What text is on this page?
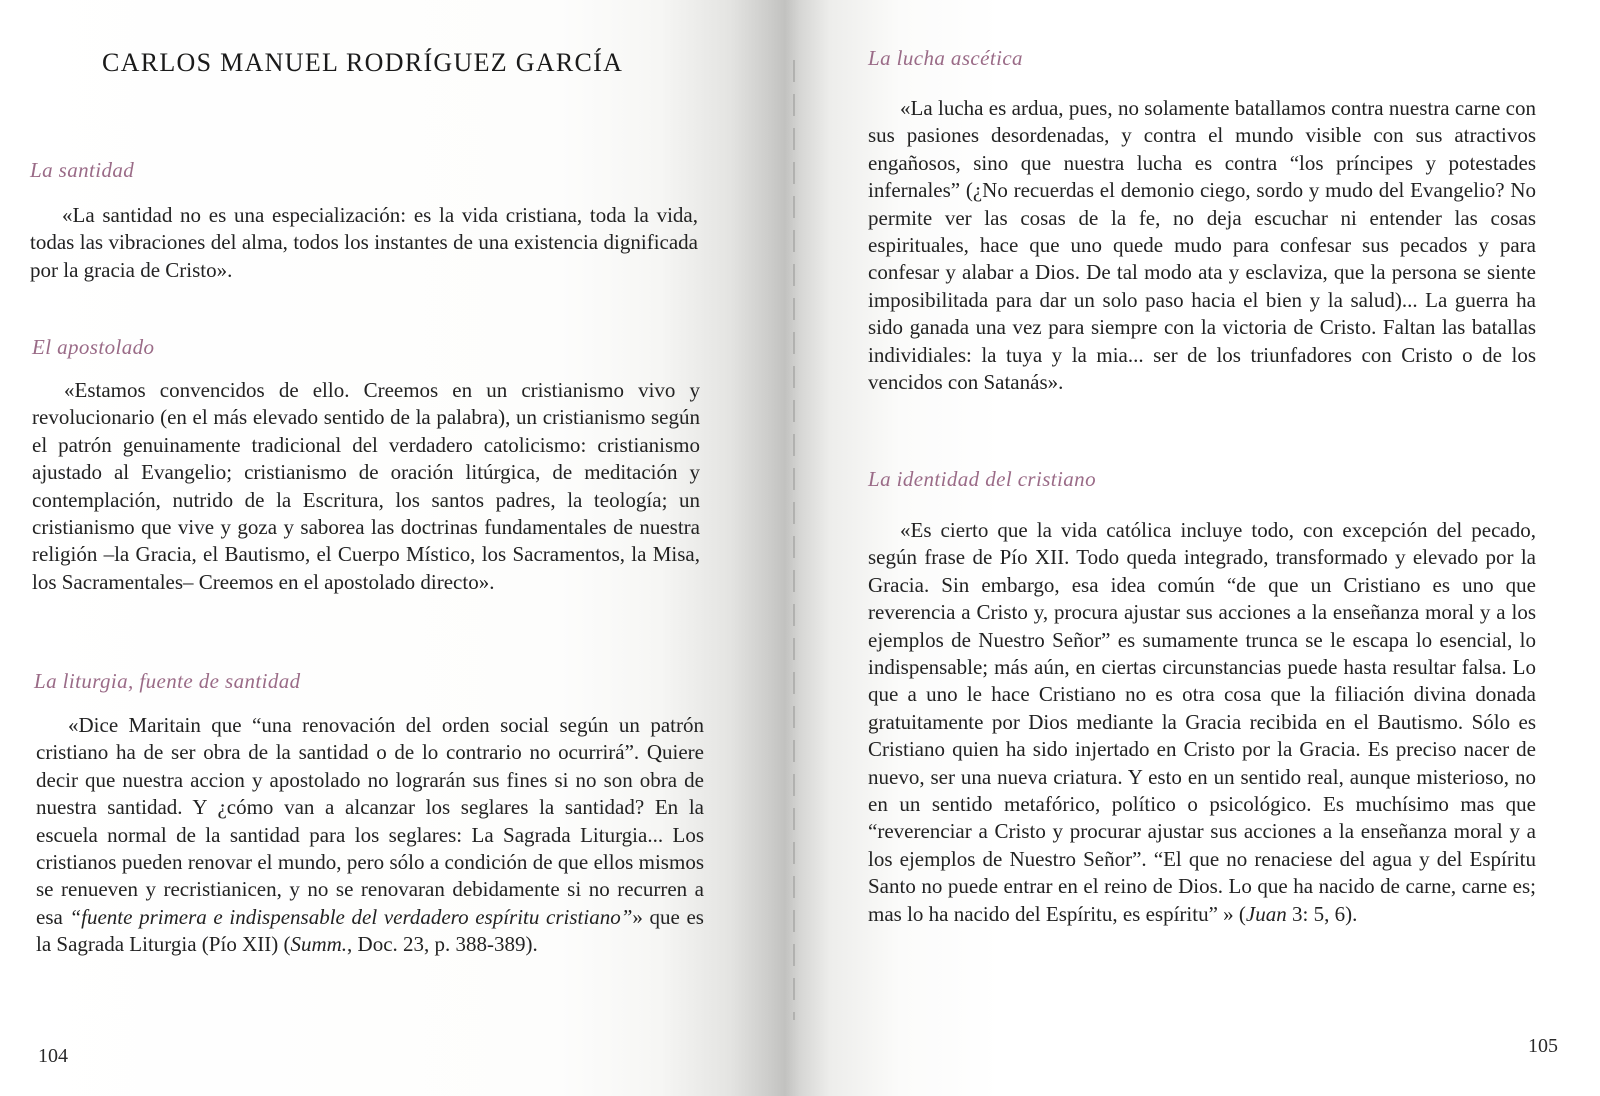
CARLOS MANUEL RODRÍGUEZ GARCÍA
La santidad
«La santidad no es una especialización: es la vida cristiana, toda la vida, todas las vibraciones del alma, todos los instantes de una existencia dignificada por la gracia de Cristo».
El apostolado
«Estamos convencidos de ello. Creemos en un cristianismo vivo y revolucionario (en el más elevado sentido de la palabra), un cristianismo según el patrón genuinamente tradicional del verdadero catolicismo: cristianismo ajustado al Evangelio; cristianismo de oración litúrgica, de meditación y contemplación, nutrido de la Escritura, los santos padres, la teología; un cristianismo que vive y goza y saborea las doctrinas fundamentales de nuestra religión –la Gracia, el Bautismo, el Cuerpo Místico, los Sacramentos, la Misa, los Sacramentales– Creemos en el apostolado directo».
La liturgia, fuente de santidad
«Dice Maritain que “una renovación del orden social según un patrón cristiano ha de ser obra de la santidad o de lo contrario no ocurrirá”. Quiere decir que nuestra accion y apostolado no lograrán sus fines si no son obra de nuestra santidad. Y ¿cómo van a alcanzar los seglares la santidad? En la escuela normal de la santidad para los seglares: La Sagrada Liturgia... Los cristianos pueden renovar el mundo, pero sólo a condición de que ellos mismos se renueven y recristianicen, y no se renovaran debidamente si no recurren a esa “fuente primera e indispensable del verdadero espíritu cristiano”» que es la Sagrada Liturgia (Pío XII) (Summ., Doc. 23, p. 388-389).
104
La lucha ascética
«La lucha es ardua, pues, no solamente batallamos contra nuestra carne con sus pasiones desordenadas, y contra el mundo visible con sus atractivos engañosos, sino que nuestra lucha es contra “los príncipes y potestades infernales” (¿No recuerdas el demonio ciego, sordo y mudo del Evangelio? No permite ver las cosas de la fe, no deja escuchar ni entender las cosas espirituales, hace que uno quede mudo para confesar sus pecados y para confesar y alabar a Dios. De tal modo ata y esclaviza, que la persona se siente imposibilitada para dar un solo paso hacia el bien y la salud)... La guerra ha sido ganada una vez para siempre con la victoria de Cristo. Faltan las batallas individiales: la tuya y la mia... ser de los triunfadores con Cristo o de los vencidos con Satanás».
La identidad del cristiano
«Es cierto que la vida católica incluye todo, con excepción del pecado, según frase de Pío XII. Todo queda integrado, transformado y elevado por la Gracia. Sin embargo, esa idea común “de que un Cristiano es uno que reverencia a Cristo y, procura ajustar sus acciones a la enseñanza moral y a los ejemplos de Nuestro Señor” es sumamente trunca se le escapa lo esencial, lo indispensable; más aún, en ciertas circunstancias puede hasta resultar falsa. Lo que a uno le hace Cristiano no es otra cosa que la filiación divina donada gratuitamente por Dios mediante la Gracia recibida en el Bautismo. Sólo es Cristiano quien ha sido injertado en Cristo por la Gracia. Es preciso nacer de nuevo, ser una nueva criatura. Y esto en un sentido real, aunque misterioso, no en un sentido metafórico, político o psicológico. Es muchísimo mas que “reverenciar a Cristo y procurar ajustar sus acciones a la enseñanza moral y a los ejemplos de Nuestro Señor”. “El que no renaciese del agua y del Espíritu Santo no puede entrar en el reino de Dios. Lo que ha nacido de carne, carne es; mas lo ha nacido del Espíritu, es espíritu” » (Juan 3: 5, 6).
105
